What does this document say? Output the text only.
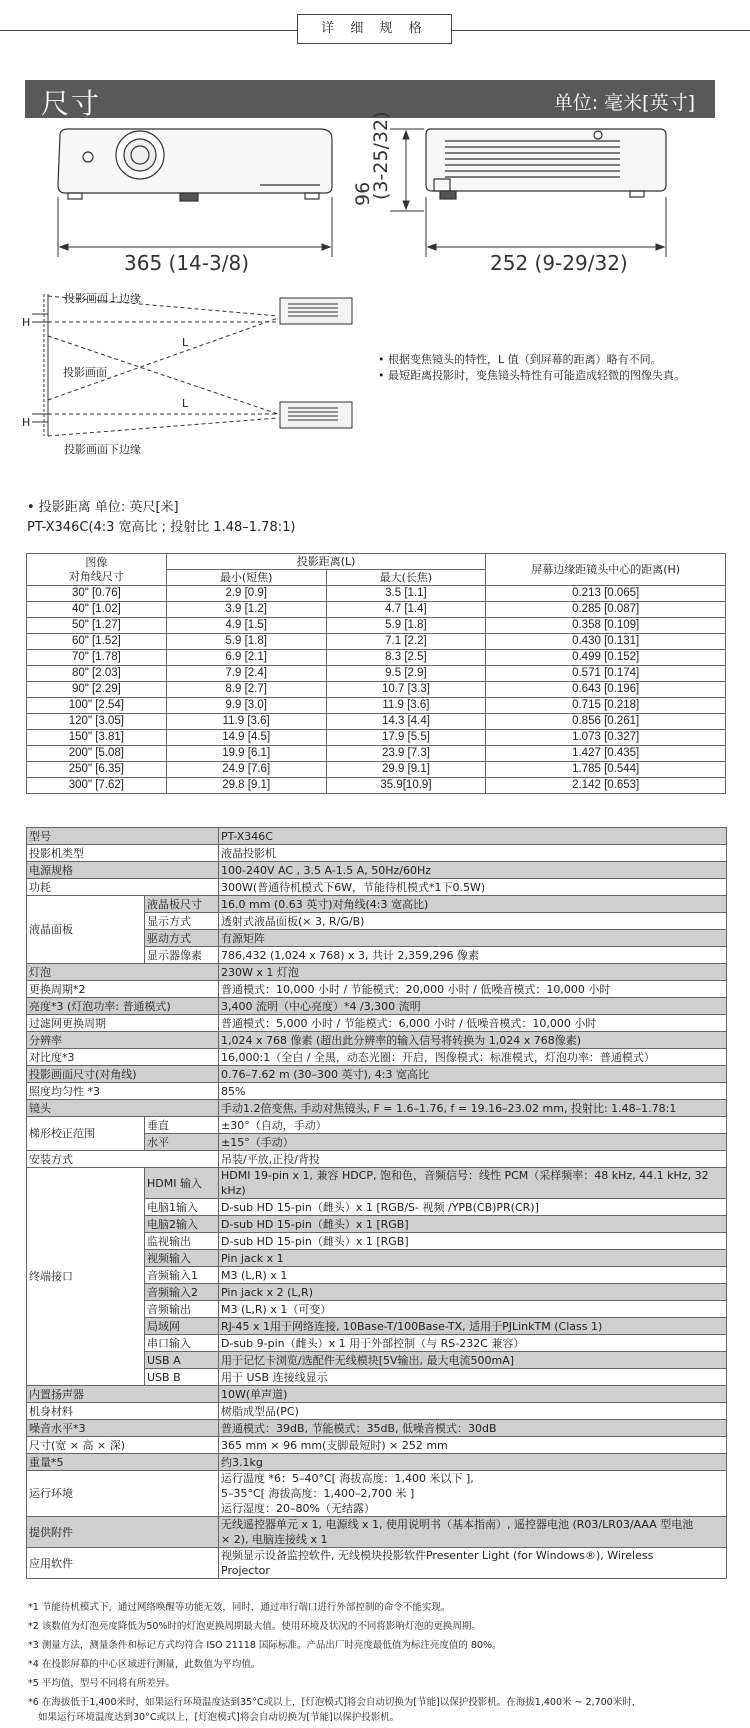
详 细 规 格
尺寸	单位: 毫米[英寸]
365 (14-3/8)	252 (9-29/32)
(3-25/32)
96
投影画面上边缘
投影画面
投影画面下边缘
H
H
L
L
• 根据变焦镜头的特性，L 值（到屏幕的距离）略有不同。
• 最短距离投影时，变焦镜头特性有可能造成轻微的图像失真。
• 投影距离 单位: 英尺[米]
PT-X346C(4:3 宽高比 ; 投射比 1.48–1.78:1)
图像
对角线尺寸	投影距离(L)		屏幕边缘距镜头中心的距离(H)
	最小(短焦)	最大(长焦)	
30" [0.76]	2.9 [0.9]	3.5 [1.1]	0.213 [0.065]
40" [1.02]	3.9 [1.2]	4.7 [1.4]	0.285 [0.087]
50" [1.27]	4.9 [1.5]	5.9 [1.8]	0.358 [0.109]
60" [1.52]	5.9 [1.8]	7.1 [2.2]	0.430 [0.131]
70" [1.78]	6.9 [2.1]	8.3 [2.5]	0.499 [0.152]
80" [2.03]	7.9 [2.4]	9.5 [2.9]	0.571 [0.174]
90" [2.29]	8.9 [2.7]	10.7 [3.3]	0.643 [0.196]
100" [2.54]	9.9 [3.0]	11.9 [3.6]	0.715 [0.218]
120" [3.05]	11.9 [3.6]	14.3 [4.4]	0.856 [0.261]
150" [3.81]	14.9 [4.5]	17.9 [5.5]	1.073 [0.327]
200" [5.08]	19.9 [6.1]	23.9 [7.3]	1.427 [0.435]
250" [6.35]	24.9 [7.6]	29.9 [9.1]	1.785 [0.544]
300" [7.62]	29.8 [9.1]	35.9[10.9]	2.142 [0.653]
型号		PT-X346C
投影机类型		液晶投影机
电源规格		100-240V AC , 3.5 A-1.5 A, 50Hz/60Hz
功耗		300W(普通待机模式下6W，节能待机模式*1下0.5W)
液晶面板	液晶板尺寸	16.0 mm (0.63 英寸)对角线(4:3 宽高比)
	显示方式	透射式液晶面板(× 3, R/G/B)
	驱动方式	有源矩阵
	显示器像素	786,432 (1,024 x 768) x 3, 共计 2,359,296 像素
灯泡		230W x 1 灯泡
更换周期*2		普通模式：10,000 小时 / 节能模式：20,000 小时 / 低噪音模式：10,000 小时
亮度*3 (灯泡功率: 普通模式)		3,400 流明（中心亮度）*4 /3,300 流明
过滤网更换周期		普通模式：5,000 小时 / 节能模式：6,000 小时 / 低噪音模式：10,000 小时
分辨率		1,024 x 768 像素 (超出此分辨率的输入信号将转换为 1,024 x 768像素)
对比度*3		16,000:1（全白 / 全黑，动态光圈：开启，图像模式：标准模式，灯泡功率：普通模式）
投影画面尺寸(对角线)		0.76–7.62 m (30–300 英寸), 4:3 宽高比
照度均匀性 *3		85%
镜头		手动1.2倍变焦, 手动对焦镜头, F = 1.6–1.76, f = 19.16–23.02 mm, 投射比: 1.48–1.78:1
梯形校正范围	垂直	±30°（自动，手动）
	水平	±15°（手动）
安装方式		吊装/平放,正投/背投
终端接口	HDMI 输入	HDMI 19-pin x 1, 兼容 HDCP, 饱和色，音频信号：线性 PCM（采样频率：48 kHz, 44.1 kHz, 32 kHz)
	电脑1输入	D-sub HD 15-pin（雌头）x 1 [RGB/S- 视频 /YPB(CB)PR(CR)]
	电脑2输入	D-sub HD 15-pin（雌头）x 1 [RGB]
	监视输出	D-sub HD 15-pin（雌头）x 1 [RGB]
	视频输入	Pin jack x 1
	音频输入1	M3 (L,R) x 1
	音频输入2	Pin jack x 2 (L,R)
	音频输出	M3 (L,R) x 1（可变）
	局域网	RJ-45 x 1用于网络连接, 10Base-T/100Base-TX, 适用于PJLinkTM (Class 1)
	串口输入	D-sub 9-pin（雌头）x 1 用于外部控制（与 RS-232C 兼容）
	USB A	用于记忆卡浏览/选配件无线模块[5V输出, 最大电流500mA]
	USB B	用于 USB 连接线显示
内置扬声器		10W(单声道)
机身材料		树脂成型品(PC)
噪音水平*3		普通模式：39dB, 节能模式：35dB, 低噪音模式：30dB
尺寸(宽 × 高 × 深)		365 mm × 96 mm(支脚最短时) × 252 mm
重量*5		约3.1kg
运行环境		运行温度 *6：5–40°C[ 海拔高度：1,400 米以下 ],
5–35°C[ 海拔高度：1,400–2,700 米 ]
运行湿度：20–80%（无结露）

提供附件		无线遥控器单元 x 1, 电源线 x 1, 使用说明书（基本指南）, 遥控器电池 (R03/LR03/AAA 型电池
× 2), 电脑连接线 x 1

应用软件		视频显示设备监控软件, 无线模块投影软件Presenter Light (for Windows®), Wireless
Projector
*1 节能待机模式下，通过网络唤醒等功能无效，同时，通过串行端口进行外部控制的命令不能实现。
*2 该数值为灯泡亮度降低为50%时的灯泡更换周期最大值。使用环境及状况的不同将影响灯泡的更换周期。
*3 测量方法，测量条件和标记方式均符合 ISO 21118 国际标准。产品出厂时亮度最低值为标注亮度值的 80%。
*4 在投影屏幕的中心区域进行测量，此数值为平均值。
*5 平均值，型号不同将有所差异。
*6 在海拔低于1,400米时，如果运行环境温度达到35°C或以上，[灯泡模式]将会自动切换为[节能]以保护投影机。在海拔1,400米 ~ 2,700米时，
如果运行环境温度达到30°C或以上，[灯泡模式]将会自动切换为[节能]以保护投影机。
